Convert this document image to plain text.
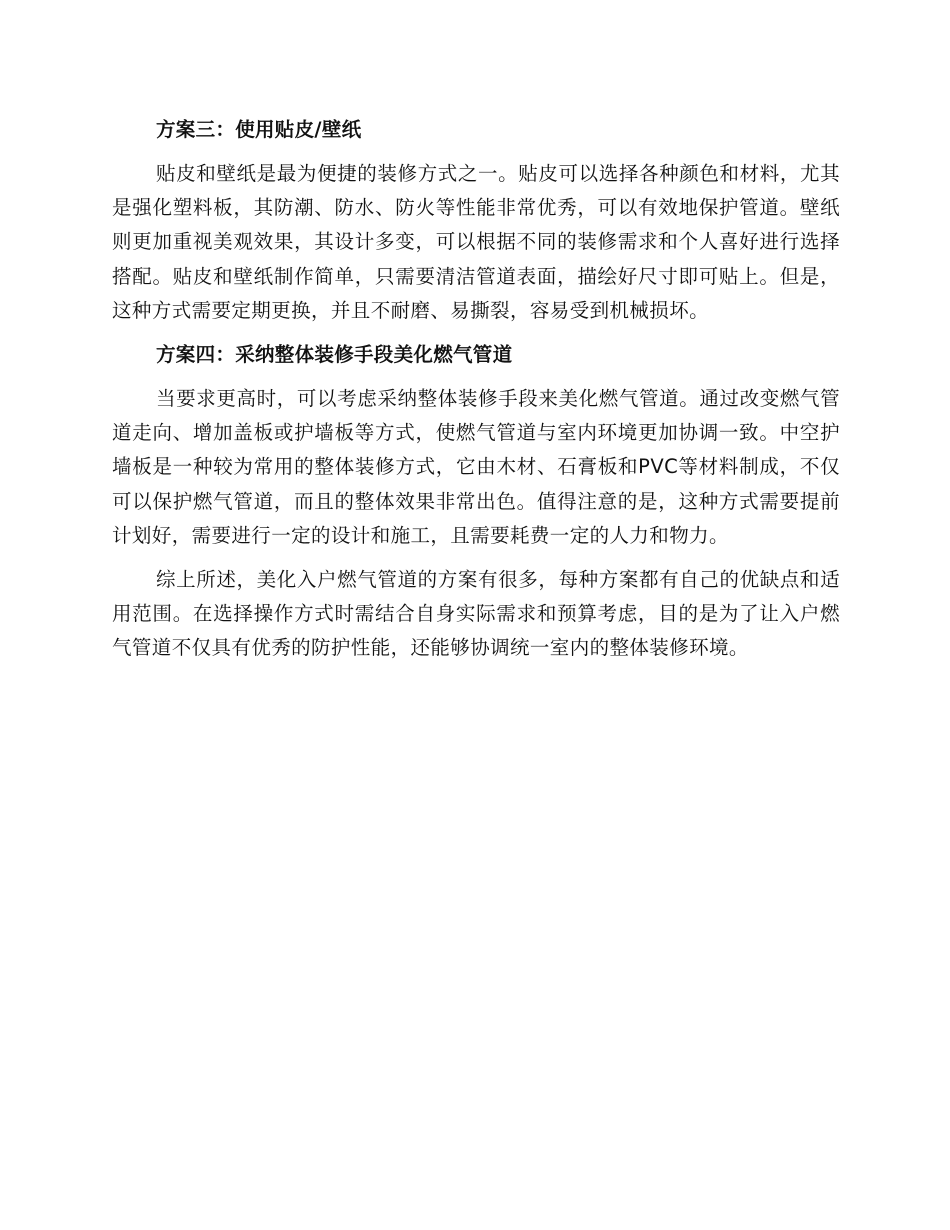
方案三：使用贴皮/壁纸

贴皮和壁纸是最为便捷的装修方式之一。贴皮可以选择各种颜色和材料，尤其是强化塑料板，其防潮、防水、防火等性能非常优秀，可以有效地保护管道。壁纸则更加重视美观效果，其设计多变，可以根据不同的装修需求和个人喜好进行选择搭配。贴皮和壁纸制作简单，只需要清洁管道表面，描绘好尺寸即可贴上。但是，这种方式需要定期更换，并且不耐磨、易撕裂，容易受到机械损坏。

方案四：采纳整体装修手段美化燃气管道

当要求更高时，可以考虑采纳整体装修手段来美化燃气管道。通过改变燃气管道走向、增加盖板或护墙板等方式，使燃气管道与室内环境更加协调一致。中空护墙板是一种较为常用的整体装修方式，它由木材、石膏板和PVC等材料制成，不仅可以保护燃气管道，而且的整体效果非常出色。值得注意的是，这种方式需要提前计划好，需要进行一定的设计和施工，且需要耗费一定的人力和物力。

综上所述，美化入户燃气管道的方案有很多，每种方案都有自己的优缺点和适用范围。在选择操作方式时需结合自身实际需求和预算考虑，目的是为了让入户燃气管道不仅具有优秀的防护性能，还能够协调统一室内的整体装修环境。
